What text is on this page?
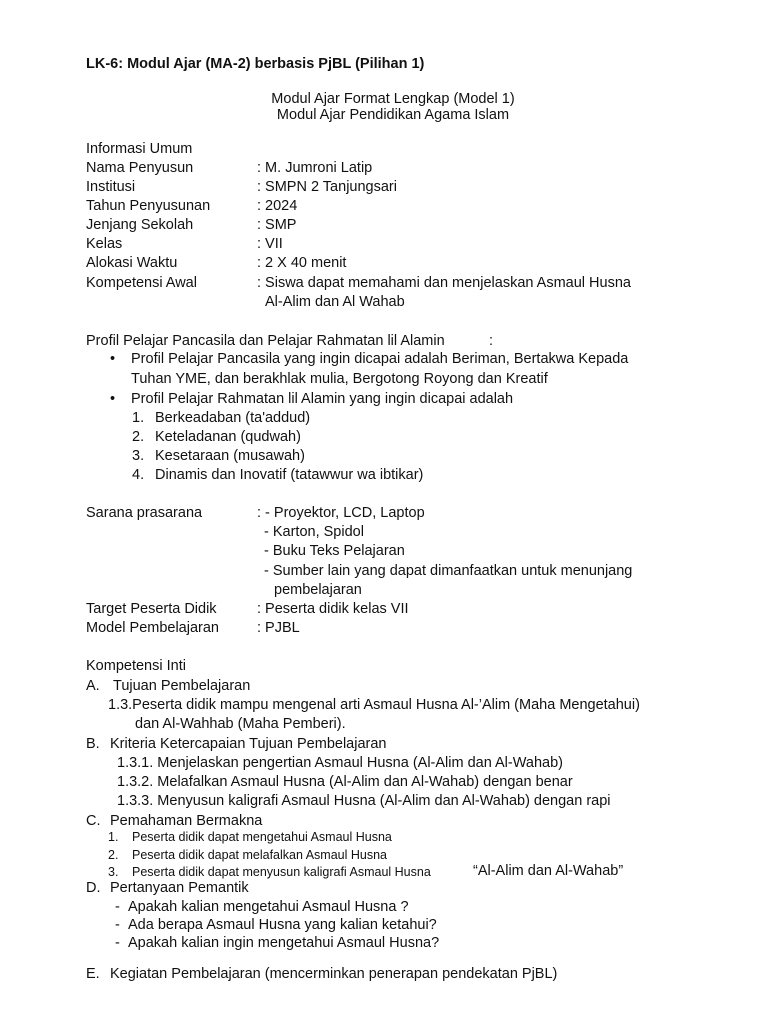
LK-6: Modul Ajar (MA-2) berbasis PjBL (Pilihan 1)
Modul Ajar Format Lengkap (Model 1)
Modul Ajar Pendidikan Agama Islam
Informasi Umum
Nama Penyusun	: M. Jumroni Latip
Institusi	: SMPN 2 Tanjungsari
Tahun Penyusunan	: 2024
Jenjang Sekolah	: SMP
Kelas	: VII
Alokasi Waktu	: 2 X 40 menit
Kompetensi Awal	: Siswa dapat memahami dan menjelaskan Asmaul Husna
Al-Alim dan Al Wahab
Profil Pelajar Pancasila dan Pelajar Rahmatan lil Alamin	:
• Profil Pelajar Pancasila yang ingin dicapai adalah Beriman, Bertakwa Kepada
Tuhan YME, dan berakhlak mulia, Bergotong Royong dan Kreatif
• Profil Pelajar Rahmatan lil Alamin yang ingin dicapai adalah
1. Berkeadaban (ta'addud)
2. Keteladanan (qudwah)
3. Kesetaraan (musawah)
4. Dinamis dan Inovatif (tatawwur wa ibtikar)
Sarana prasarana	: - Proyektor, LCD, Laptop
- Karton, Spidol
- Buku Teks Pelajaran
- Sumber lain yang dapat dimanfaatkan untuk menunjang
pembelajaran
Target Peserta Didik	: Peserta didik kelas VII
Model Pembelajaran	: PJBL
Kompetensi Inti
A. Tujuan Pembelajaran
1.3.Peserta didik mampu mengenal arti Asmaul Husna Al-’Alim (Maha Mengetahui)
dan Al-Wahhab (Maha Pemberi).
B. Kriteria Ketercapaian Tujuan Pembelajaran
1.3.1. Menjelaskan pengertian Asmaul Husna (Al-Alim dan Al-Wahab)
1.3.2. Melafalkan Asmaul Husna (Al-Alim dan Al-Wahab) dengan benar
1.3.3. Menyusun kaligrafi Asmaul Husna (Al-Alim dan Al-Wahab) dengan rapi
C. Pemahaman Bermakna
1. Peserta didik dapat mengetahui Asmaul Husna
2. Peserta didik dapat melafalkan Asmaul Husna
3. Peserta didik dapat menyusun kaligrafi Asmaul Husna	“Al-Alim dan Al-Wahab”
D. Pertanyaan Pemantik
- Apakah kalian mengetahui Asmaul Husna ?
- Ada berapa Asmaul Husna yang kalian ketahui?
- Apakah kalian ingin mengetahui Asmaul Husna?
E. Kegiatan Pembelajaran (mencerminkan penerapan pendekatan PjBL)
